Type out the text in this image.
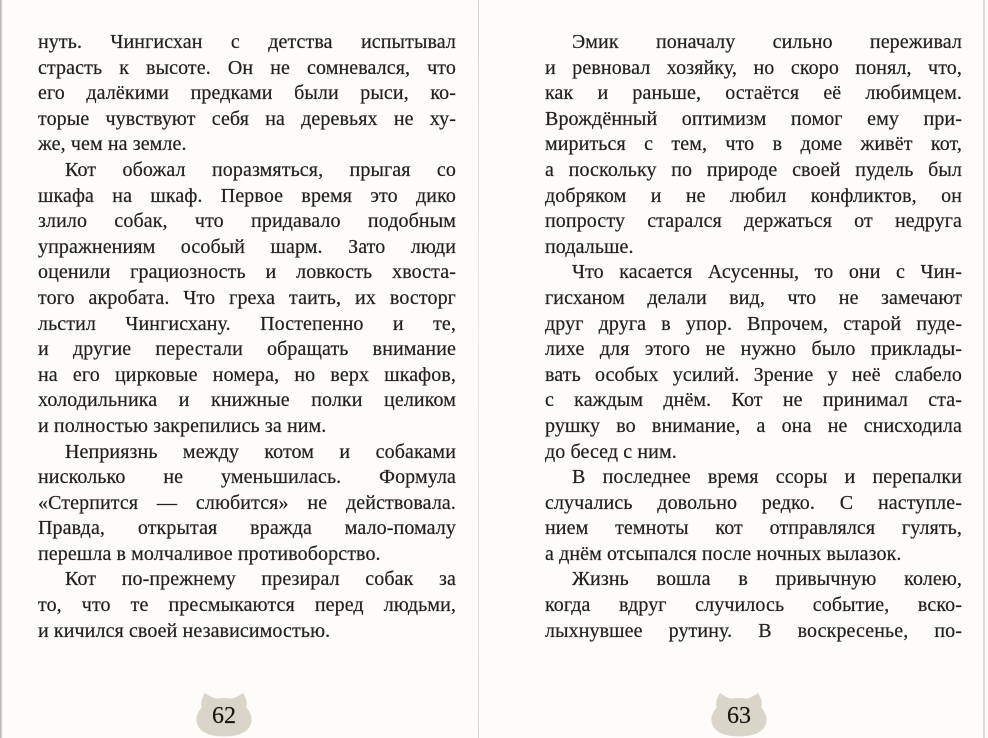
нуть. Чингисхан с детства испытывал
страсть к высоте. Он не сомневался, что
его далёкими предками были рыси, ко-
торые чувствуют себя на деревьях не ху-
же, чем на земле.
Кот обожал поразмяться, прыгая со
шкафа на шкаф. Первое время это дико
злило собак, что придавало подобным
упражнениям особый шарм. Зато люди
оценили грациозность и ловкость хвоста-
того акробата. Что греха таить, их восторг
льстил Чингисхану. Постепенно и те,
и другие перестали обращать внимание
на его цирковые номера, но верх шкафов,
холодильника и книжные полки целиком
и полностью закрепились за ним.
Неприязнь между котом и собаками
нисколько не уменьшилась. Формула
«Стерпится — слюбится» не действовала.
Правда, открытая вражда мало-помалу
перешла в молчаливое противоборство.
Кот по-прежнему презирал собак за
то, что те пресмыкаются перед людьми,
и кичился своей независимостью.
Эмик поначалу сильно переживал
и ревновал хозяйку, но скоро понял, что,
как и раньше, остаётся её любимцем.
Врождённый оптимизм помог ему при-
мириться с тем, что в доме живёт кот,
а поскольку по природе своей пудель был
добряком и не любил конфликтов, он
попросту старался держаться от недруга
подальше.
Что касается Асусенны, то они с Чин-
гисханом делали вид, что не замечают
друг друга в упор. Впрочем, старой пуде-
лихе для этого не нужно было приклады-
вать особых усилий. Зрение у неё слабело
с каждым днём. Кот не принимал ста-
рушку во внимание, а она не снисходила
до бесед с ним.
В последнее время ссоры и перепалки
случались довольно редко. С наступле-
нием темноты кот отправлялся гулять,
а днём отсыпался после ночных вылазок.
Жизнь вошла в привычную колею,
когда вдруг случилось событие, вско-
лыхнувшее рутину. В воскресенье, по-
62	63
